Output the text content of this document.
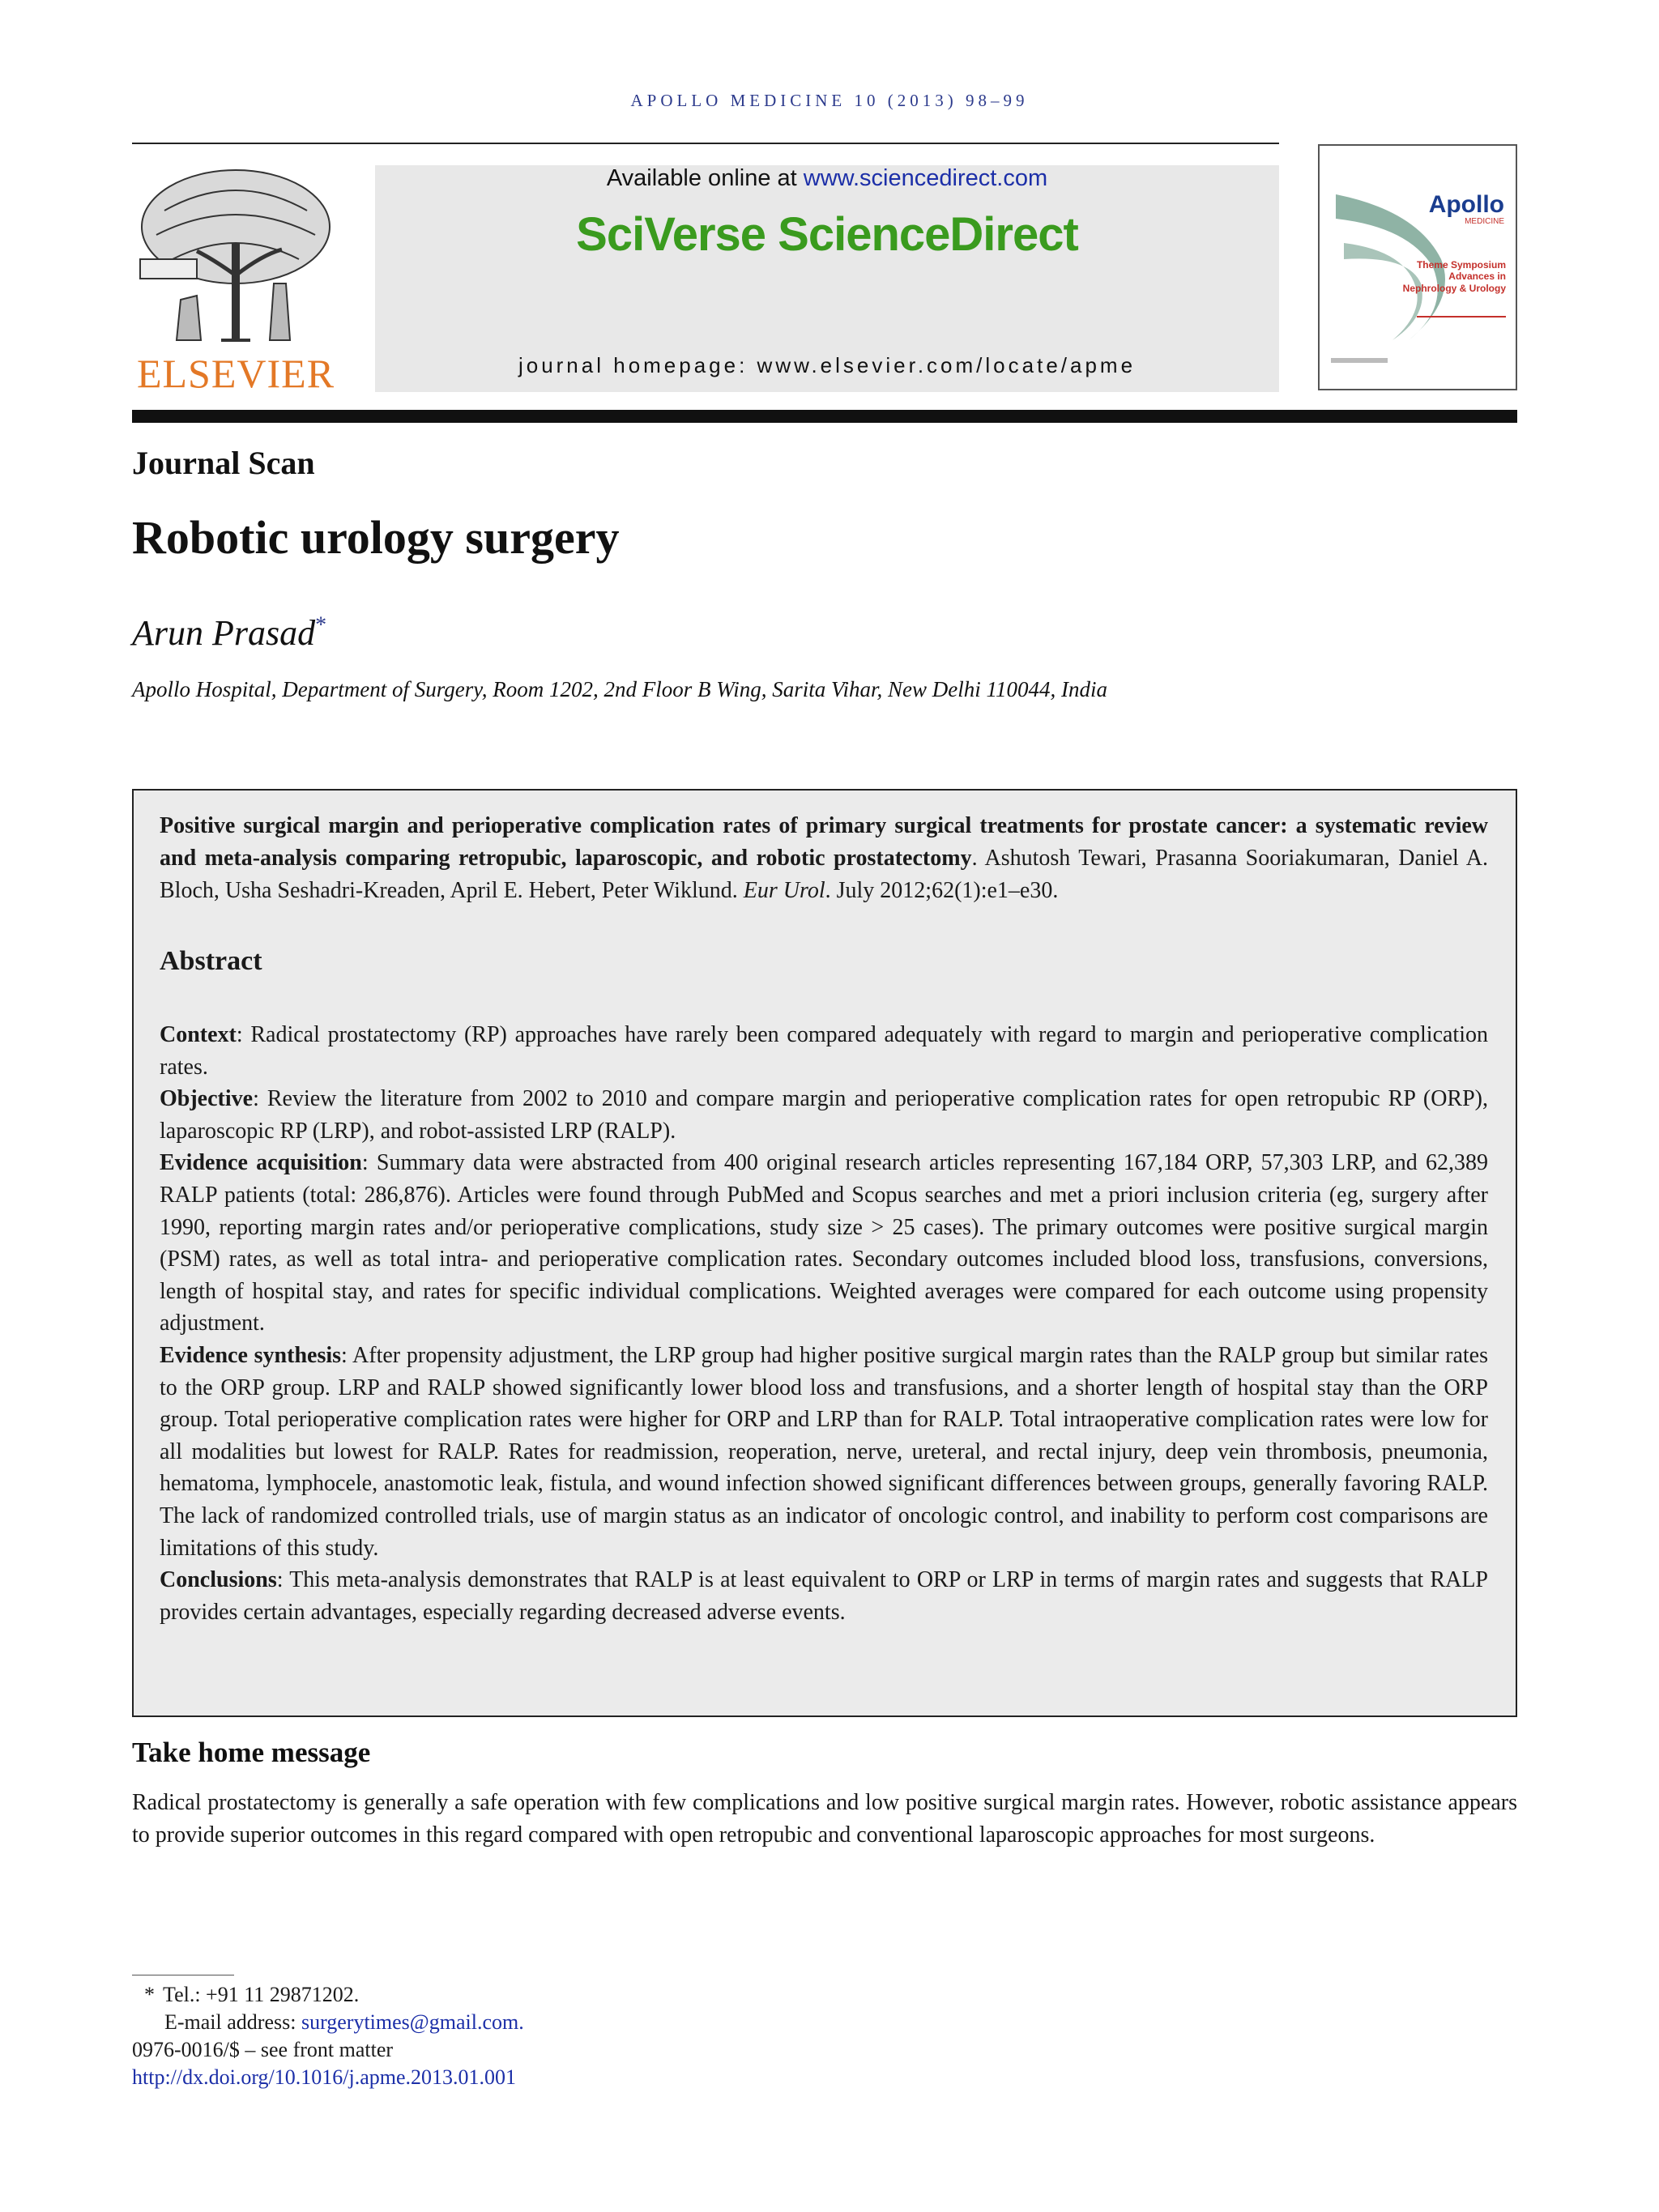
APOLLO MEDICINE 10 (2013) 98–99
ELSEVIER
Available online at www.sciencedirect.com
SciVerse ScienceDirect
journal homepage: www.elsevier.com/locate/apme
Apollo
MEDICINE
Theme Symposium Advances in Nephrology & Urology
Journal Scan
Robotic urology surgery
Arun Prasad*
Apollo Hospital, Department of Surgery, Room 1202, 2nd Floor B Wing, Sarita Vihar, New Delhi 110044, India
Positive surgical margin and perioperative complication rates of primary surgical treatments for prostate cancer: a systematic review and meta-analysis comparing retropubic, laparoscopic, and robotic prostatectomy. Ashutosh Tewari, Prasanna Sooriakumaran, Daniel A. Bloch, Usha Seshadri-Kreaden, April E. Hebert, Peter Wiklund. Eur Urol. July 2012;62(1):e1–e30.
Abstract
Context: Radical prostatectomy (RP) approaches have rarely been compared adequately with regard to margin and perioperative complication rates.
Objective: Review the literature from 2002 to 2010 and compare margin and perioperative complication rates for open retropubic RP (ORP), laparoscopic RP (LRP), and robot-assisted LRP (RALP).
Evidence acquisition: Summary data were abstracted from 400 original research articles representing 167,184 ORP, 57,303 LRP, and 62,389 RALP patients (total: 286,876). Articles were found through PubMed and Scopus searches and met a priori inclusion criteria (eg, surgery after 1990, reporting margin rates and/or perioperative complications, study size > 25 cases). The primary outcomes were positive surgical margin (PSM) rates, as well as total intra- and perioperative complication rates. Secondary outcomes included blood loss, transfusions, conversions, length of hospital stay, and rates for specific individual complications. Weighted averages were compared for each outcome using propensity adjustment.
Evidence synthesis: After propensity adjustment, the LRP group had higher positive surgical margin rates than the RALP group but similar rates to the ORP group. LRP and RALP showed significantly lower blood loss and transfusions, and a shorter length of hospital stay than the ORP group. Total perioperative complication rates were higher for ORP and LRP than for RALP. Total intraoperative complication rates were low for all modalities but lowest for RALP. Rates for readmission, reoperation, nerve, ureteral, and rectal injury, deep vein thrombosis, pneumonia, hematoma, lymphocele, anastomotic leak, fistula, and wound infection showed significant differences between groups, generally favoring RALP. The lack of randomized controlled trials, use of margin status as an indicator of oncologic control, and inability to perform cost comparisons are limitations of this study.
Conclusions: This meta-analysis demonstrates that RALP is at least equivalent to ORP or LRP in terms of margin rates and suggests that RALP provides certain advantages, especially regarding decreased adverse events.
Take home message

Radical prostatectomy is generally a safe operation with few complications and low positive surgical margin rates. However, robotic assistance appears to provide superior outcomes in this regard compared with open retropubic and conventional laparoscopic approaches for most surgeons.

* Tel.: +91 11 29871202.
E-mail address: surgerytimes@gmail.com.
0976-0016/$ – see front matter
http://dx.doi.org/10.1016/j.apme.2013.01.001
